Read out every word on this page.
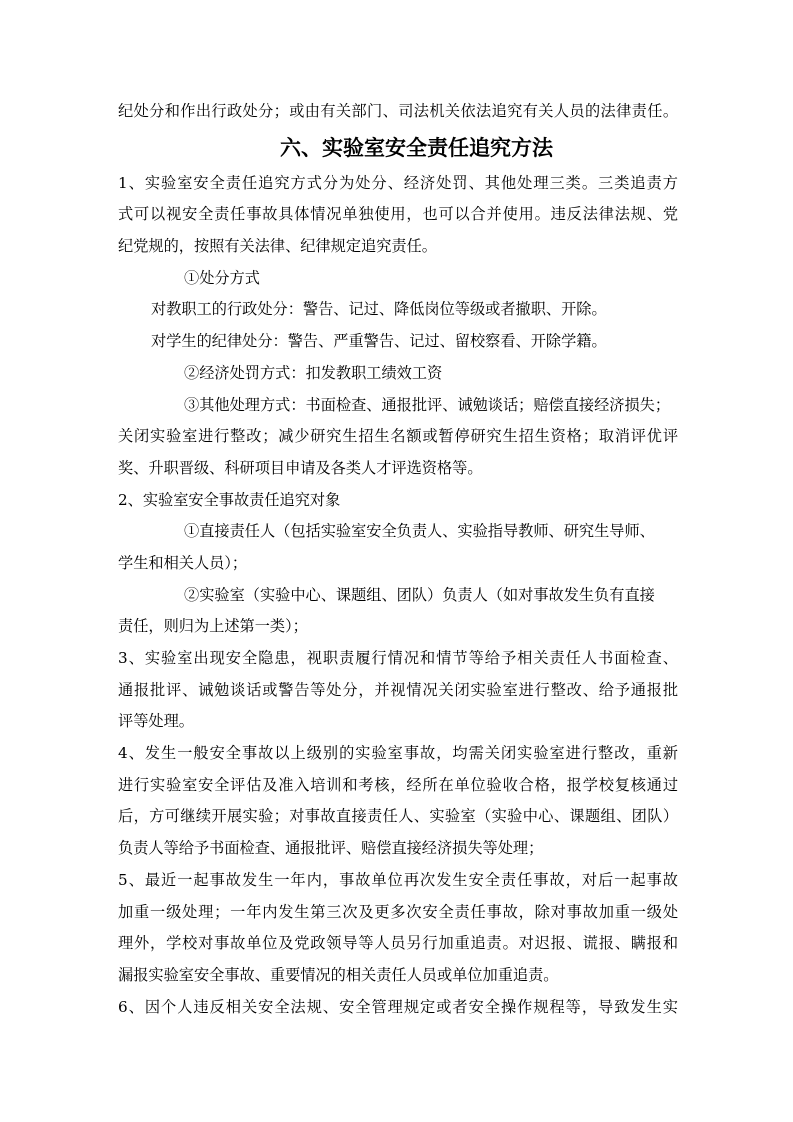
纪处分和作出行政处分；或由有关部门、司法机关依法追究有关人员的法律责任。
六、实验室安全责任追究方法
1、实验室安全责任追究方式分为处分、经济处罚、其他处理三类。三类追责方
式可以视安全责任事故具体情况单独使用，也可以合并使用。违反法律法规、党
纪党规的，按照有关法律、纪律规定追究责任。
①处分方式
对教职工的行政处分：警告、记过、降低岗位等级或者撤职、开除。
对学生的纪律处分：警告、严重警告、记过、留校察看、开除学籍。
②经济处罚方式：扣发教职工绩效工资
③其他处理方式：书面检查、通报批评、诫勉谈话；赔偿直接经济损失；
关闭实验室进行整改；减少研究生招生名额或暂停研究生招生资格；取消评优评
奖、升职晋级、科研项目申请及各类人才评选资格等。
2、实验室安全事故责任追究对象
①直接责任人（包括实验室安全负责人、实验指导教师、研究生导师、
学生和相关人员）；
②实验室（实验中心、课题组、团队）负责人（如对事故发生负有直接
责任，则归为上述第一类）；
3、实验室出现安全隐患，视职责履行情况和情节等给予相关责任人书面检查、
通报批评、诫勉谈话或警告等处分，并视情况关闭实验室进行整改、给予通报批
评等处理。
4、发生一般安全事故以上级别的实验室事故，均需关闭实验室进行整改，重新
进行实验室安全评估及准入培训和考核，经所在单位验收合格，报学校复核通过
后，方可继续开展实验；对事故直接责任人、实验室（实验中心、课题组、团队）
负责人等给予书面检查、通报批评、赔偿直接经济损失等处理；
5、最近一起事故发生一年内，事故单位再次发生安全责任事故，对后一起事故
加重一级处理；一年内发生第三次及更多次安全责任事故，除对事故加重一级处
理外，学校对事故单位及党政领导等人员另行加重追责。对迟报、谎报、瞒报和
漏报实验室安全事故、重要情况的相关责任人员或单位加重追责。
6、因个人违反相关安全法规、安全管理规定或者安全操作规程等，导致发生实
